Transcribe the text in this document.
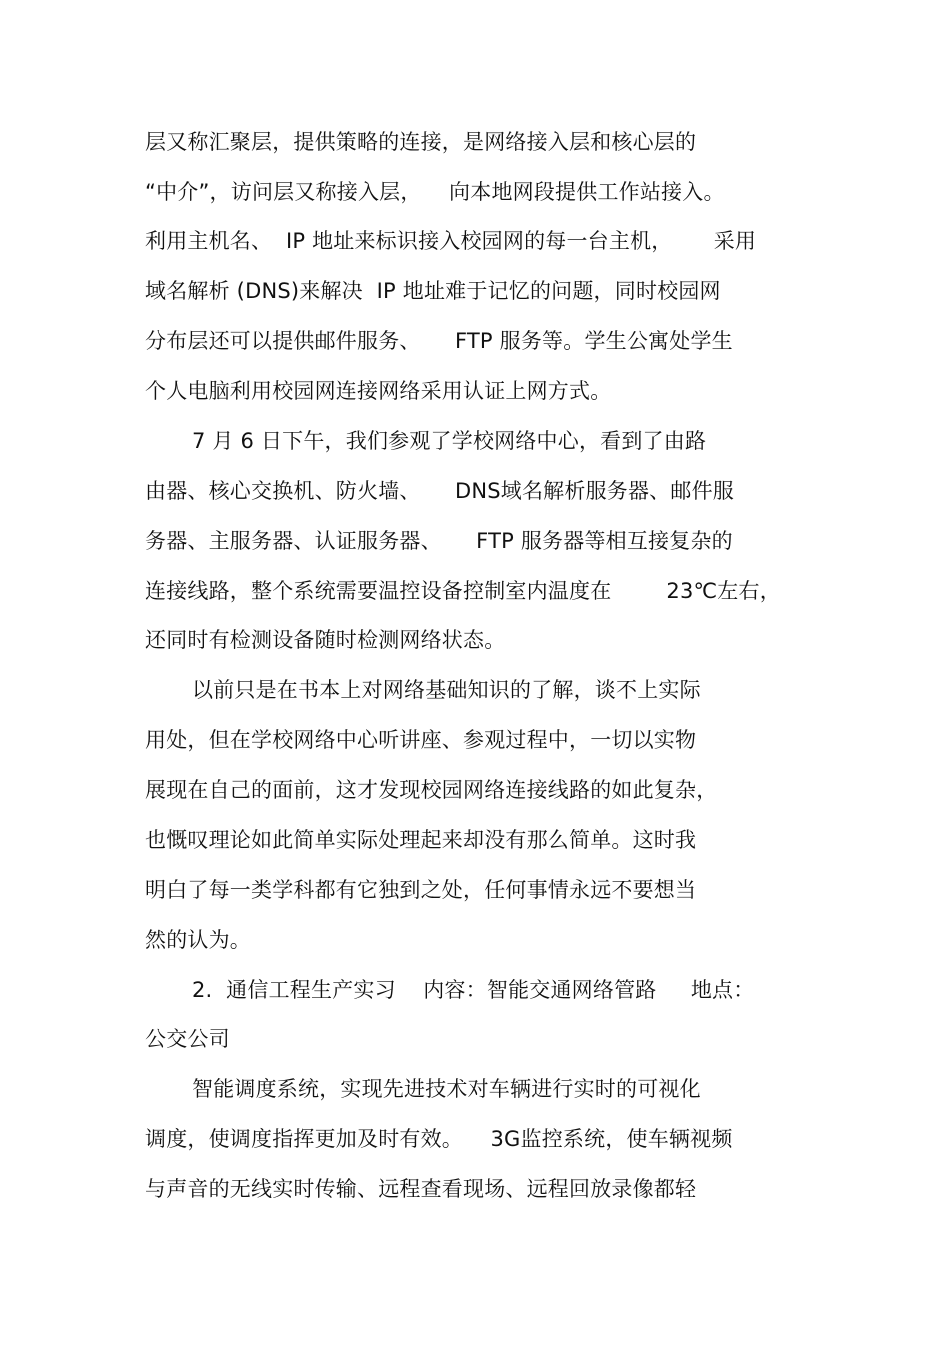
层又称汇聚层，提供策略的连接，是网络接入层和核心层的
“中介”，访问层又称接入层，    向本地网段提供工作站接入。
利用主机名、  IP 地址来标识接入校园网的每一台主机，      采用
域名解析 (DNS)来解决  IP 地址难于记忆的问题，同时校园网
分布层还可以提供邮件服务、     FTP 服务等。学生公寓处学生
个人电脑利用校园网连接网络采用认证上网方式。
7 月 6 日下午，我们参观了学校网络中心，看到了由路
由器、核心交换机、防火墙、     DNS域名解析服务器、邮件服
务器、主服务器、认证服务器、     FTP 服务器等相互接复杂的
连接线路，整个系统需要温控设备控制室内温度在        23℃左右，
还同时有检测设备随时检测网络状态。
以前只是在书本上对网络基础知识的了解，谈不上实际
用处，但在学校网络中心听讲座、参观过程中，一切以实物
展现在自己的面前，这才发现校园网络连接线路的如此复杂，
也慨叹理论如此简单实际处理起来却没有那么简单。这时我
明白了每一类学科都有它独到之处，任何事情永远不要想当
然的认为。
2.  通信工程生产实习    内容：智能交通网络管路     地点：
公交公司
智能调度系统，实现先进技术对车辆进行实时的可视化
调度，使调度指挥更加及时有效。    3G监控系统，使车辆视频
与声音的无线实时传输、远程查看现场、远程回放录像都轻
